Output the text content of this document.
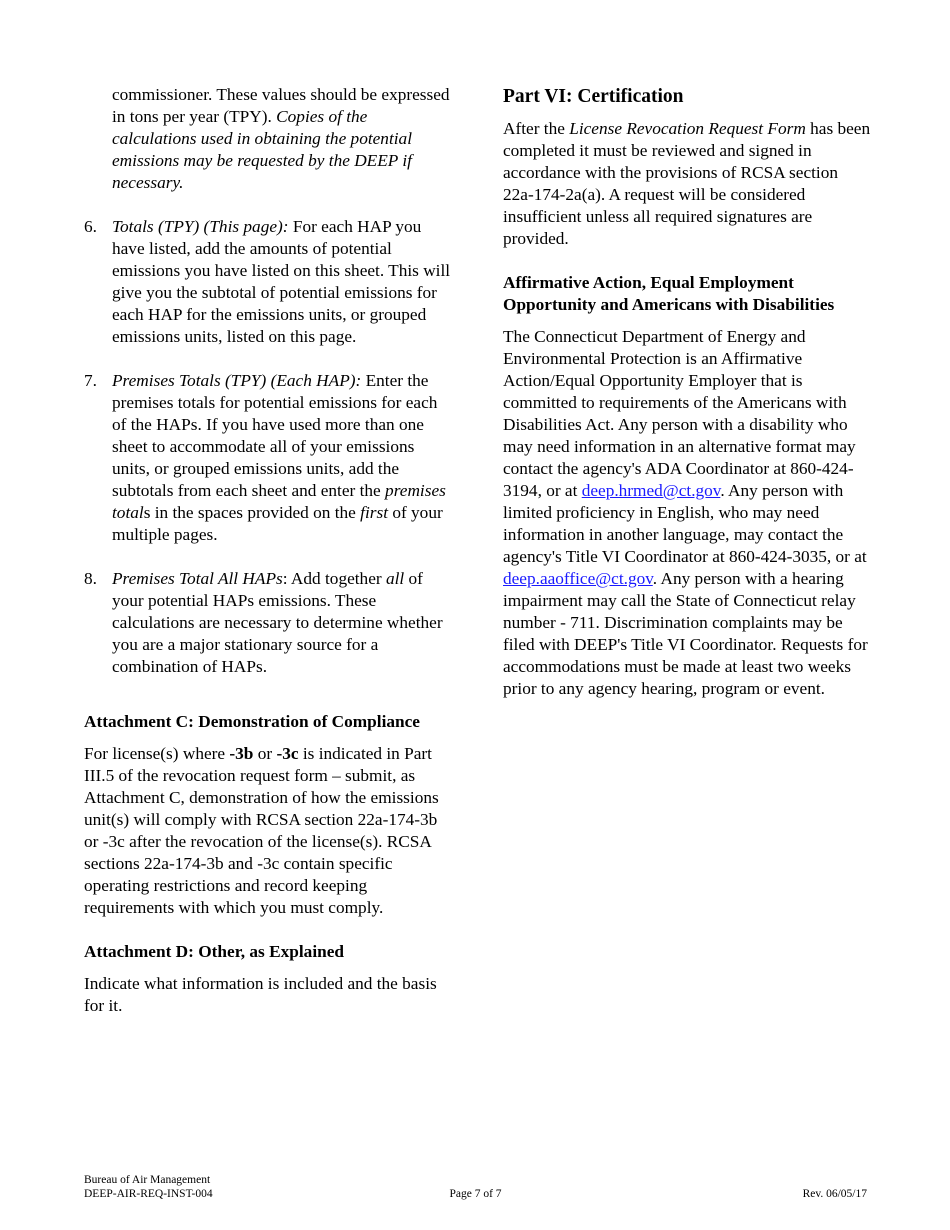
commissioner. These values should be expressed in tons per year (TPY). Copies of the calculations used in obtaining the potential emissions may be requested by the DEEP if necessary.

6. Totals (TPY) (This page): For each HAP you have listed, add the amounts of potential emissions you have listed on this sheet. This will give you the subtotal of potential emissions for each HAP for the emissions units, or grouped emissions units, listed on this page.

7. Premises Totals (TPY) (Each HAP): Enter the premises totals for potential emissions for each of the HAPs. If you have used more than one sheet to accommodate all of your emissions units, or grouped emissions units, add the subtotals from each sheet and enter the premises totals in the spaces provided on the first of your multiple pages.

8. Premises Total All HAPs: Add together all of your potential HAPs emissions. These calculations are necessary to determine whether you are a major stationary source for a combination of HAPs.

Attachment C: Demonstration of Compliance

For license(s) where -3b or -3c is indicated in Part III.5 of the revocation request form – submit, as Attachment C, demonstration of how the emissions unit(s) will comply with RCSA section 22a-174-3b or -3c after the revocation of the license(s). RCSA sections 22a-174-3b and -3c contain specific operating restrictions and record keeping requirements with which you must comply.

Attachment D: Other, as Explained

Indicate what information is included and the basis for it.

Part VI: Certification

After the License Revocation Request Form has been completed it must be reviewed and signed in accordance with the provisions of RCSA section 22a-174-2a(a). A request will be considered insufficient unless all required signatures are provided.

Affirmative Action, Equal Employment Opportunity and Americans with Disabilities

The Connecticut Department of Energy and Environmental Protection is an Affirmative Action/Equal Opportunity Employer that is committed to requirements of the Americans with Disabilities Act. Any person with a disability who may need information in an alternative format may contact the agency's ADA Coordinator at 860-424-3194, or at deep.hrmed@ct.gov. Any person with limited proficiency in English, who may need information in another language, may contact the agency's Title VI Coordinator at 860-424-3035, or at deep.aaoffice@ct.gov. Any person with a hearing impairment may call the State of Connecticut relay number - 711. Discrimination complaints may be filed with DEEP's Title VI Coordinator. Requests for accommodations must be made at least two weeks prior to any agency hearing, program or event.

Bureau of Air Management
DEEP-AIR-REQ-INST-004	Page 7 of 7	Rev. 06/05/17
